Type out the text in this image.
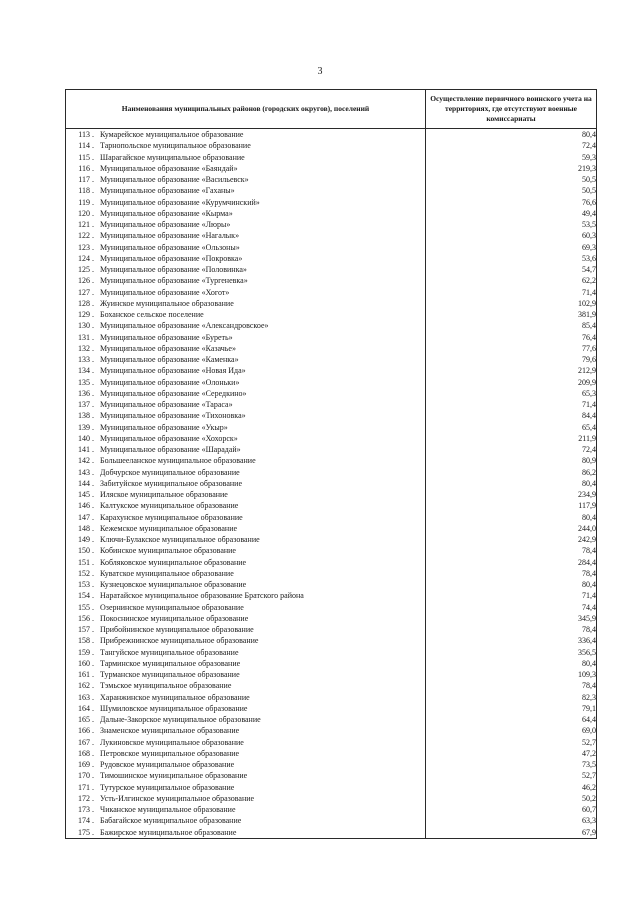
3
Наименования муниципальных районов (городских округов), поселений	Осуществление первичного воинского учета на территориях, где отсутствуют военные комиссариаты
113 . Кумарейское муниципальное образование	80,4
114 . Тарнопольское муниципальное образование	72,4
115 . Шарагайское муниципальное образование	59,3
116 . Муниципальное образование «Баяндай»	219,3
117 . Муниципальное образование «Васильевск»	50,5
118 . Муниципальное образование «Гаханы»	50,5
119 . Муниципальное образование «Курумчинский»	76,6
120 . Муниципальное образование «Кырма»	49,4
121 . Муниципальное образование «Люры»	53,5
122 . Муниципальное образование «Нагалык»	60,3
123 . Муниципальное образование «Ользоны»	69,3
124 . Муниципальное образование «Покровка»	53,6
125 . Муниципальное образование «Половинка»	54,7
126 . Муниципальное образование «Тургеневка»	62,2
127 . Муниципальное образование «Хогот»	71,4
128 . Жуинское муниципальное образование	102,9
129 . Боханское сельское поселение	381,9
130 . Муниципальное образование «Александровское»	85,4
131 . Муниципальное образование «Буреть»	76,4
132 . Муниципальное образование «Казачье»	77,6
133 . Муниципальное образование «Каменка»	79,6
134 . Муниципальное образование «Новая Ида»	212,9
135 . Муниципальное образование «Олоньки»	209,9
136 . Муниципальное образование «Середкино»	65,3
137 . Муниципальное образование «Тараса»	71,4
138 . Муниципальное образование «Тихоновка»	84,4
139 . Муниципальное образование «Укыр»	65,4
140 . Муниципальное образование «Хохорск»	211,9
141 . Муниципальное образование «Шарадай»	72,4
142 . Большееланское муниципальное образование	80,9
143 . Добчурское муниципальное образование	86,2
144 . Забитуйское муниципальное образование	80,4
145 . Иляское муниципальное образование	234,9
146 . Калтукское муниципальное образование	117,9
147 . Карахунское муниципальное образование	80,4
148 . Кежемское муниципальное образование	244,0
149 . Ключи-Булакское муниципальное образование	242,9
150 . Кобинское муниципальное образование	78,4
151 . Кобляковское муниципальное образование	284,4
152 . Куватское муниципальное образование	78,4
153 . Кузнецовское муниципальное образование	80,4
154 . Наратайское муниципальное образование Братского района	71,4
155 . Озернинское муниципальное образование	74,4
156 . Покоснинское муниципальное образование	345,9
157 . Прибойнинское муниципальное образование	78,4
158 . Прибрежнинское муниципальное образование	336,4
159 . Тангуйское муниципальное образование	356,5
160 . Тарминское муниципальное образование	80,4
161 . Турманское муниципальное образование	109,3
162 . Тэмьское муниципальное образование	78,4
163 . Харанжинское муниципальное образование	82,3
164 . Шумиловское муниципальное образование	79,1
165 . Дальне-Закорское муниципальное образование	64,4
166 . Знаменское муниципальное образование	69,0
167 . Лукиновское муниципальное образование	52,7
168 . Петровское муниципальное образование	47,2
169 . Рудовское муниципальное образование	73,5
170 . Тимошинское муниципальное образование	52,7
171 . Тутурское муниципальное образование	46,2
172 . Усть-Илгинское муниципальное образование	50,2
173 . Чиканское муниципальное образование	60,7
174 . Бабагайское муниципальное образование	63,3
175 . Бажирское муниципальное образование	67,9
